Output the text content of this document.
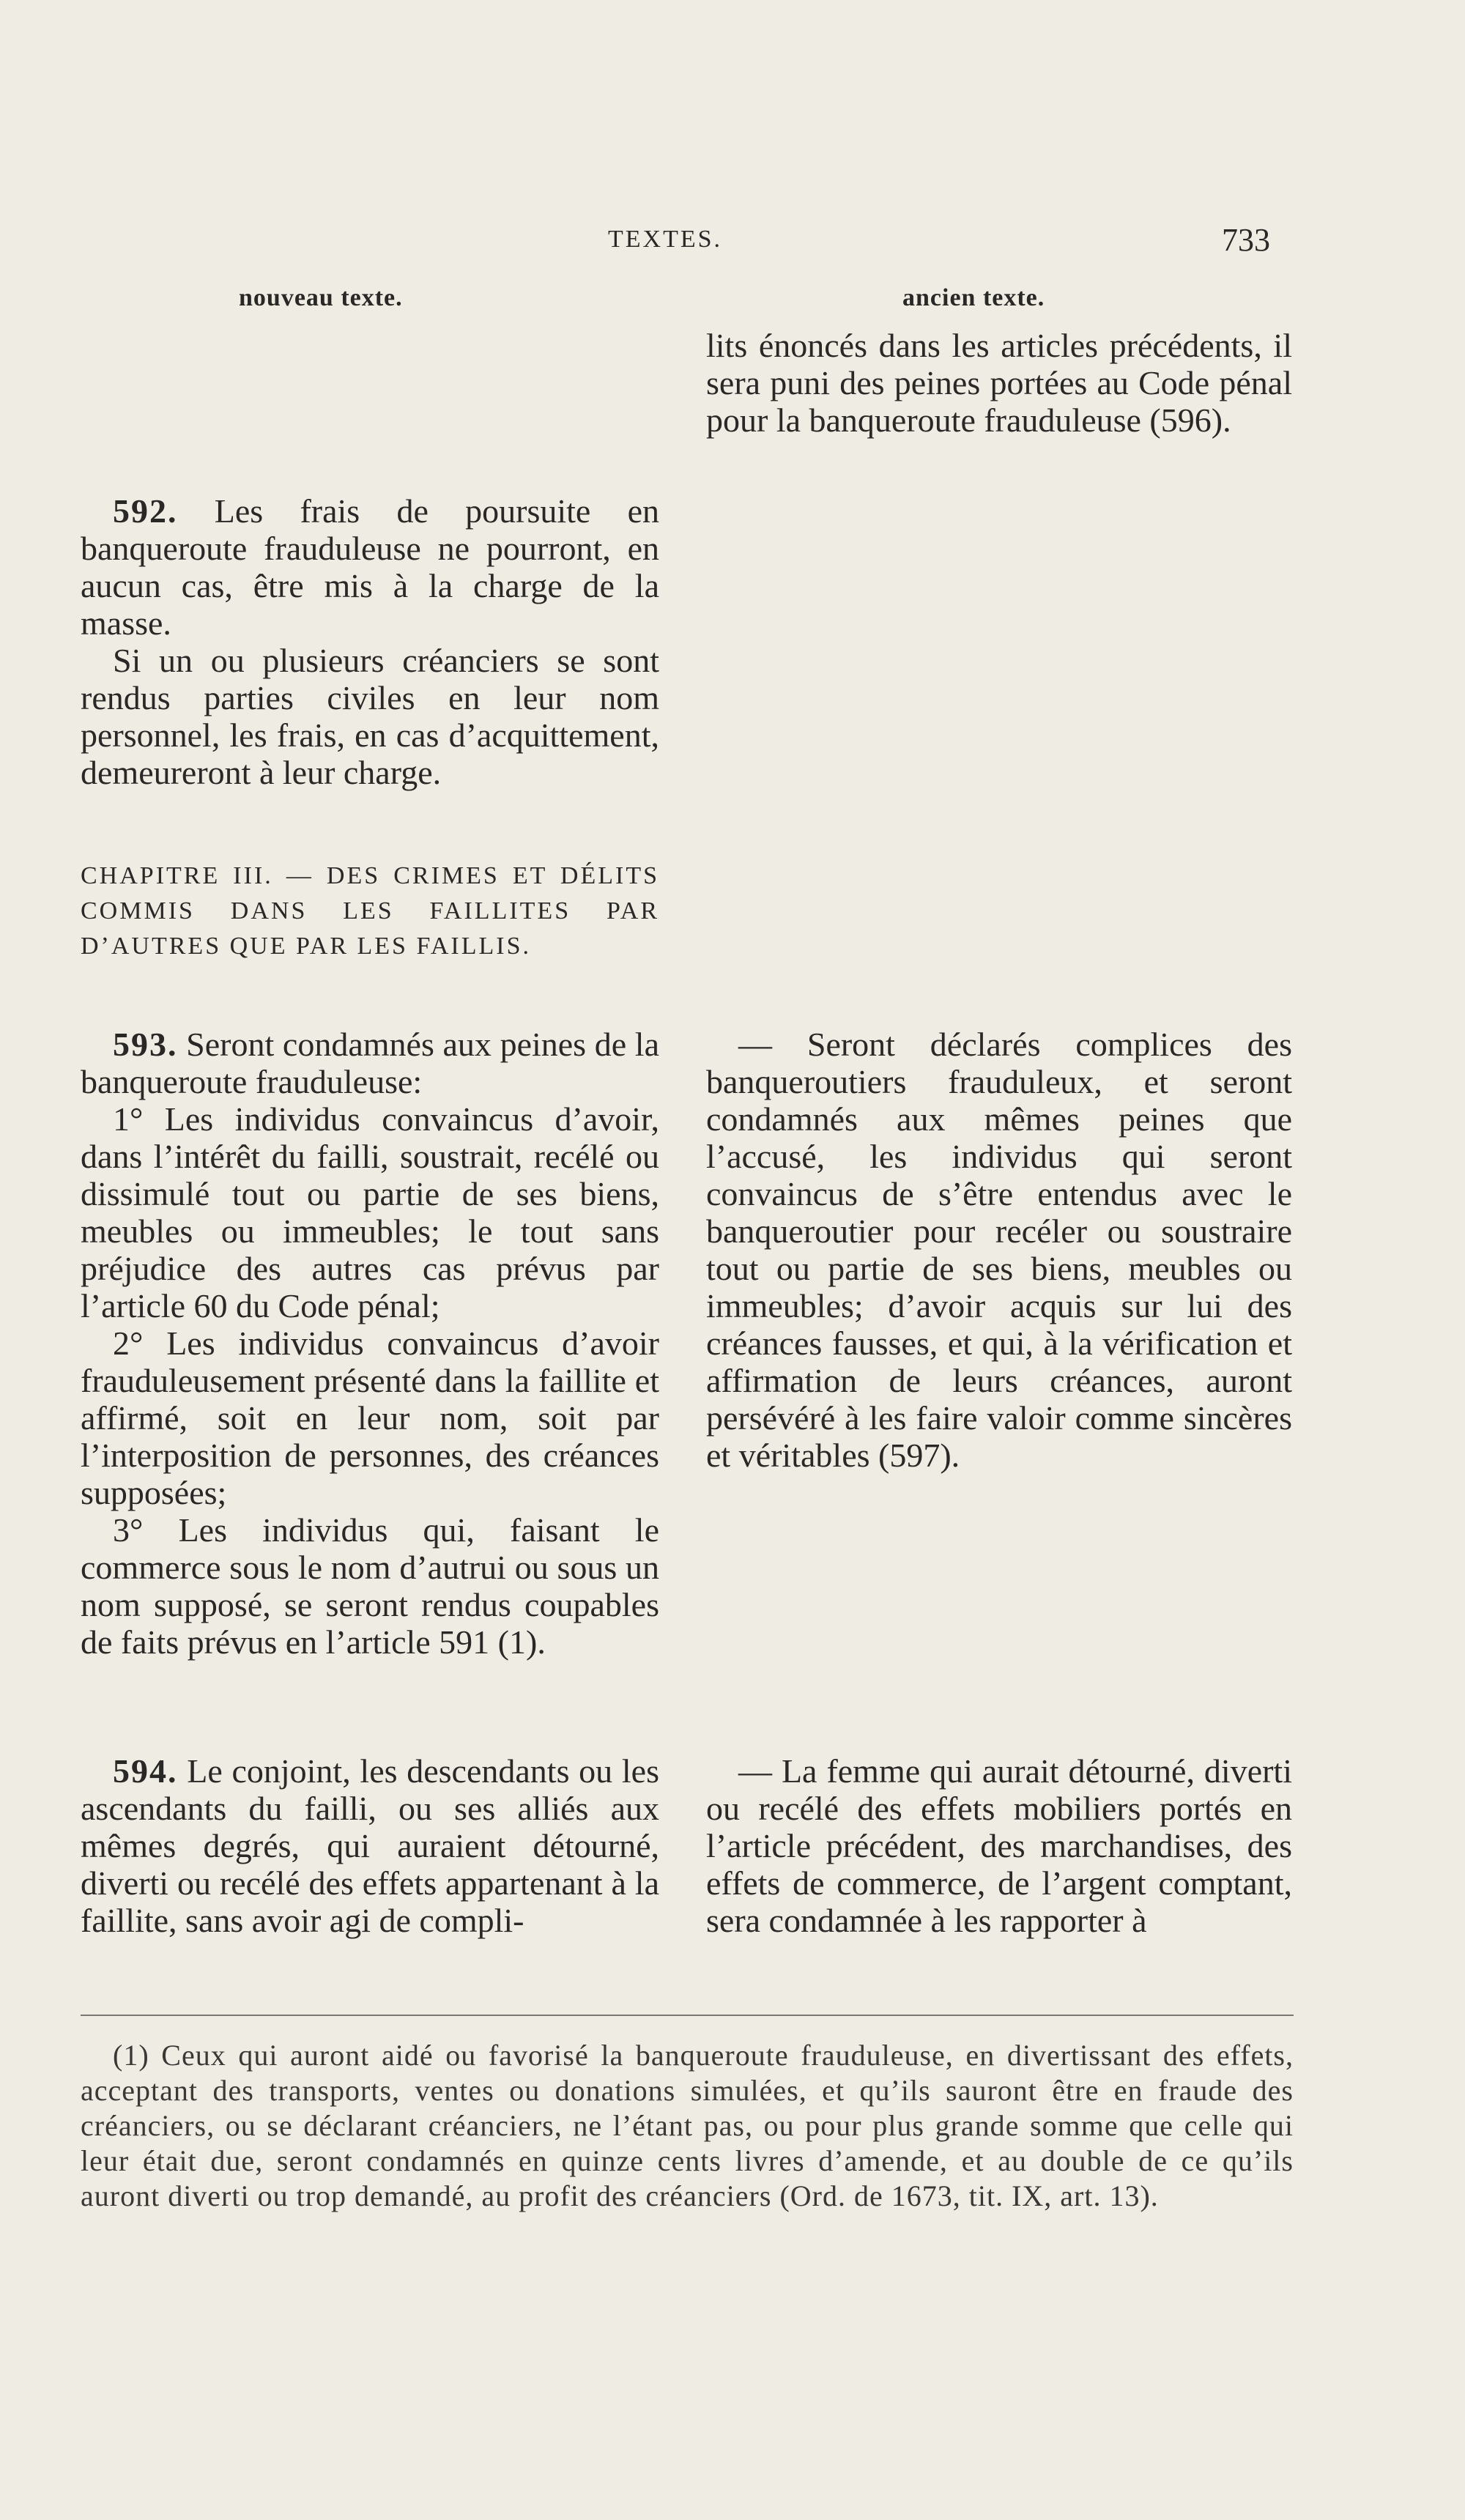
TEXTES.	733
nouveau texte.	ancien texte.

lits énoncés dans les articles précédents, il sera puni des peines portées au Code pénal pour la banqueroute frauduleuse (596).

592. Les frais de poursuite en banqueroute frauduleuse ne pourront, en aucun cas, être mis à la charge de la masse.

Si un ou plusieurs créanciers se sont rendus parties civiles en leur nom personnel, les frais, en cas d’acquittement, demeureront à leur charge.

CHAPITRE III. — DES CRIMES ET DÉLITS COMMIS DANS LES FAILLITES PAR D’AUTRES QUE PAR LES FAILLIS.

593. Seront condamnés aux peines de la banqueroute frauduleuse:

1° Les individus convaincus d’avoir, dans l’intérêt du failli, soustrait, recélé ou dissimulé tout ou partie de ses biens, meubles ou immeubles; le tout sans préjudice des autres cas prévus par l’article 60 du Code pénal;

2° Les individus convaincus d’avoir frauduleusement présenté dans la faillite et affirmé, soit en leur nom, soit par l’interposition de personnes, des créances supposées;

3° Les individus qui, faisant le commerce sous le nom d’autrui ou sous un nom supposé, se seront rendus coupables de faits prévus en l’article 591 (1).

— Seront déclarés complices des banqueroutiers frauduleux, et seront condamnés aux mêmes peines que l’accusé, les individus qui seront convaincus de s’être entendus avec le banqueroutier pour recéler ou soustraire tout ou partie de ses biens, meubles ou immeubles; d’avoir acquis sur lui des créances fausses, et qui, à la vérification et affirmation de leurs créances, auront persévéré à les faire valoir comme sincères et véritables (597).

594. Le conjoint, les descendants ou les ascendants du failli, ou ses alliés aux mêmes degrés, qui auraient détourné, diverti ou recélé des effets appartenant à la faillite, sans avoir agi de compli-

— La femme qui aurait détourné, diverti ou recélé des effets mobiliers portés en l’article précédent, des marchandises, des effets de commerce, de l’argent comptant, sera condamnée à les rapporter à

(1) Ceux qui auront aidé ou favorisé la banqueroute frauduleuse, en divertissant des effets, acceptant des transports, ventes ou donations simulées, et qu’ils sauront être en fraude des créanciers, ou se déclarant créanciers, ne l’étant pas, ou pour plus grande somme que celle qui leur était due, seront condamnés en quinze cents livres d’amende, et au double de ce qu’ils auront diverti ou trop demandé, au profit des créanciers (Ord. de 1673, tit. IX, art. 13).
